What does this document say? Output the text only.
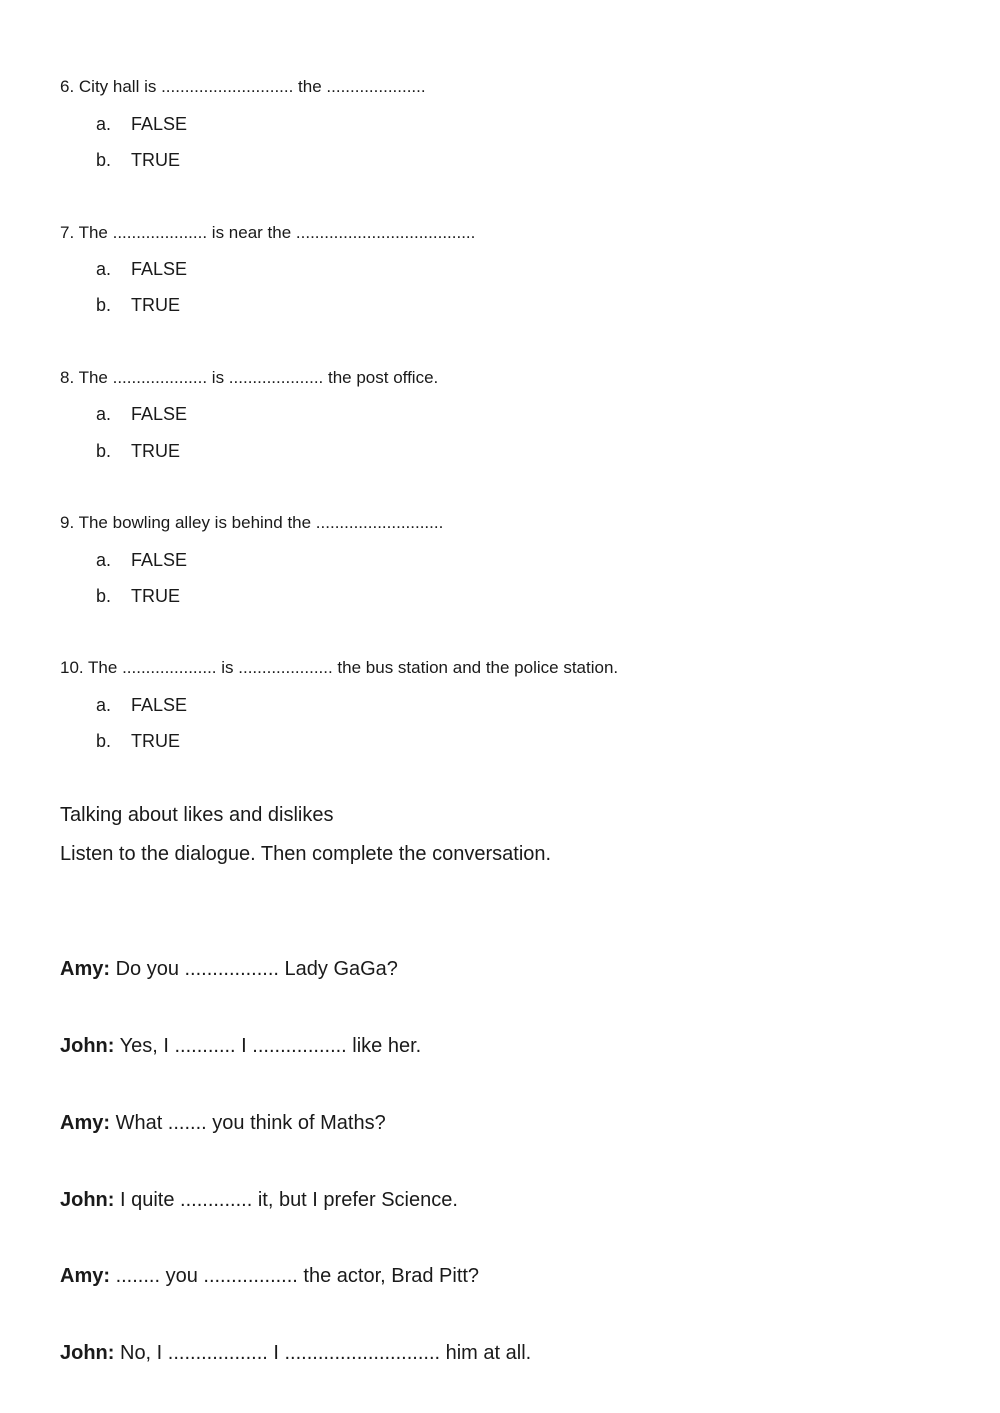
6. City hall is ............................ the .....................
a. FALSE
b. TRUE
7. The .................... is near the ......................................
a. FALSE
b. TRUE
8. The .................... is .................... the post office.
a. FALSE
b. TRUE
9. The bowling alley is behind the ...........................
a. FALSE
b. TRUE
10. The .................... is .................... the bus station and the police station.
a. FALSE
b. TRUE
Talking about likes and dislikes
Listen to the dialogue. Then complete the conversation.
Amy: Do you ................. Lady GaGa?
John: Yes, I ........... I ................. like her.
Amy: What ....... you think of Maths?
John: I quite ............. it, but I prefer Science.
Amy: ........ you ................. the actor, Brad Pitt?
John: No, I .................. I ............................ him at all.
